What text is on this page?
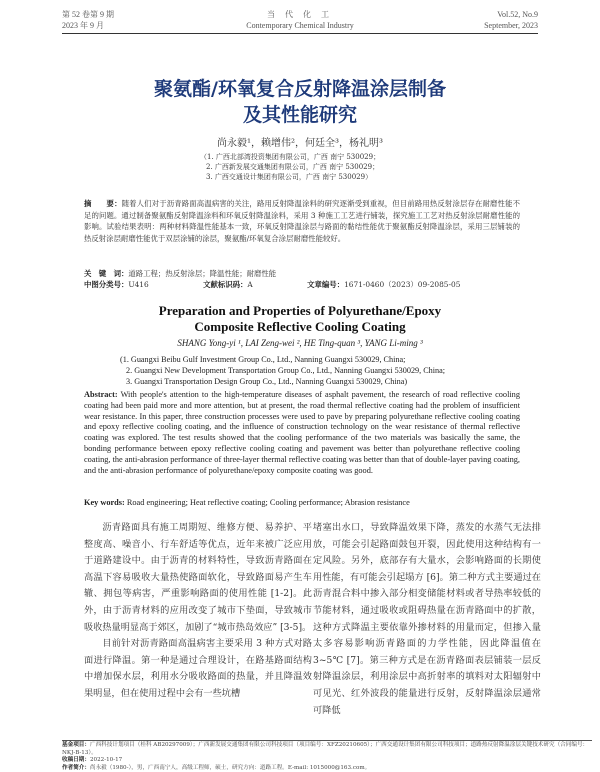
第 52 卷第 9 期
2023 年 9 月
当 代 化 工
Contemporary Chemical Industry
Vol.52, No.9
September, 2023
聚氨酯/环氧复合反射降温涂层制备
及其性能研究
尚永毅¹，赖增伟²，何廷全³，杨礼明³
（1. 广西北部湾投资集团有限公司，广西 南宁 530029；
2. 广西新发展交通集团有限公司，广西 南宁 530029；
3. 广西交通设计集团有限公司，广西 南宁 530029）
摘　　要：随着人们对于沥青路面高温病害的关注，路用反射降温涂料的研究逐渐受到重视，但目前路用热反射涂层存在耐磨性能不足的问题。通过制备聚氨酯反射降温涂料和环氧反射降温涂料，采用 3 种施工工艺进行铺装，探究施工工艺对热反射涂层耐磨性能的影响。试验结果表明：两种材料降温性能基本一致，环氧反射降温涂层与路面的黏结性能优于聚氨酯反射降温涂层，采用三层铺装的热反射涂层耐磨性能优于双层涂铺的涂层，聚氨酯/环氧复合涂层耐磨性能较好。
关　键　词：道路工程；热反射涂层；降温性能；耐磨性能
中图分类号：U416	文献标识码：A	文章编号：1671-0460（2023）09-2085-05
Preparation and Properties of Polyurethane/Epoxy
Composite Reflective Cooling Coating
SHANG Yong-yi ¹, LAI Zeng-wei ², HE Ting-quan ³, YANG Li-ming ³
(1. Guangxi Beibu Gulf Investment Group Co., Ltd., Nanning Guangxi 530029, China;
2. Guangxi New Development Transportation Group Co., Ltd., Nanning Guangxi 530029, China;
3. Guangxi Transportation Design Group Co., Ltd., Nanning Guangxi 530029, China)
Abstract: With people's attention to the high-temperature diseases of asphalt pavement, the research of road reflective cooling coating had been paid more and more attention, but at present, the road thermal reflective coating had the problem of insufficient wear resistance. In this paper, three construction processes were used to pave by preparing polyurethane reflective cooling coating and epoxy reflective cooling coating, and the influence of construction technology on the wear resistance of thermal reflective coating was explored. The test results showed that the cooling performance of the two materials was basically the same, the bonding performance between epoxy reflective cooling coating and pavement was better than polyurethane reflective cooling coating, the anti-abrasion performance of three-layer thermal reflective coating was better than that of double-layer paving coating, and the anti-abrasion performance of polyurethane/epoxy composite coating was good.
Key words: Road engineering; Heat reflective coating; Cooling performance; Abrasion resistance

沥青路面具有施工周期短、维修方便、易养护、平整度高、噪音小、行车舒适等优点，近年来被广泛应用于道路建设中。由于沥青的材料特性，导致沥青路面在高温下容易吸收大量热使路面软化，导致路面易产生车辙、拥包等病害，严重影响路面的使用性能 [1-2]。此外，由于沥青材料的应用改变了城市下垫面，导致城市吸收热量明显高于郊区，加剧了“城市热岛效应” [3-5]。

目前针对沥青路面高温病害主要采用 3 种方式对路面进行降温。第一种是通过合理设计，在路基路面结构中增加保水层，利用水分吸收路面的热量，并且降温效果明显，但在使用过程中会有一些坑槽

堵塞出水口，导致降温效果下降，蒸发的水蒸气无法排放，可能会引起路面鼓包开裂，因此使用这种结构有一定风险。另外，底部存有大量水，会影响路面的长期使用性能，有可能会引起塌方 [6]。第二种方式主要通过在沥青混合料中掺入部分相变储能材料或者导热率较低的节能材料，通过吸收或阻碍热量在沥青路面中的扩散，这种方式降温主要依靠外掺材料的用量而定，但掺入量太多容易影响沥青路面的力学性能，因此降温值在 3~5℃ [7]。第三种方式是在沥青路面表层铺装一层反射降温涂层，利用涂层中高折射率的填料对太阳辐射中可见光、红外波段的能量进行反射，反射降温涂层通常可降低

基金项目：广西科技计划项目（桂科 AB20297009）；广西新发展交通集团有限公司科技项目（项目编号：XFZ20210605）；广西交通设计集团有限公司科技项目；道路热反射降温涂层关键技术研究（合同编号：NKJ-B-13）。
收稿日期：2022-10-17
作者简介：尚永毅（1980-），男，广西南宁人，高级工程师，硕士，研究方向：道路工程。E-mail: 1015000@163.com。
